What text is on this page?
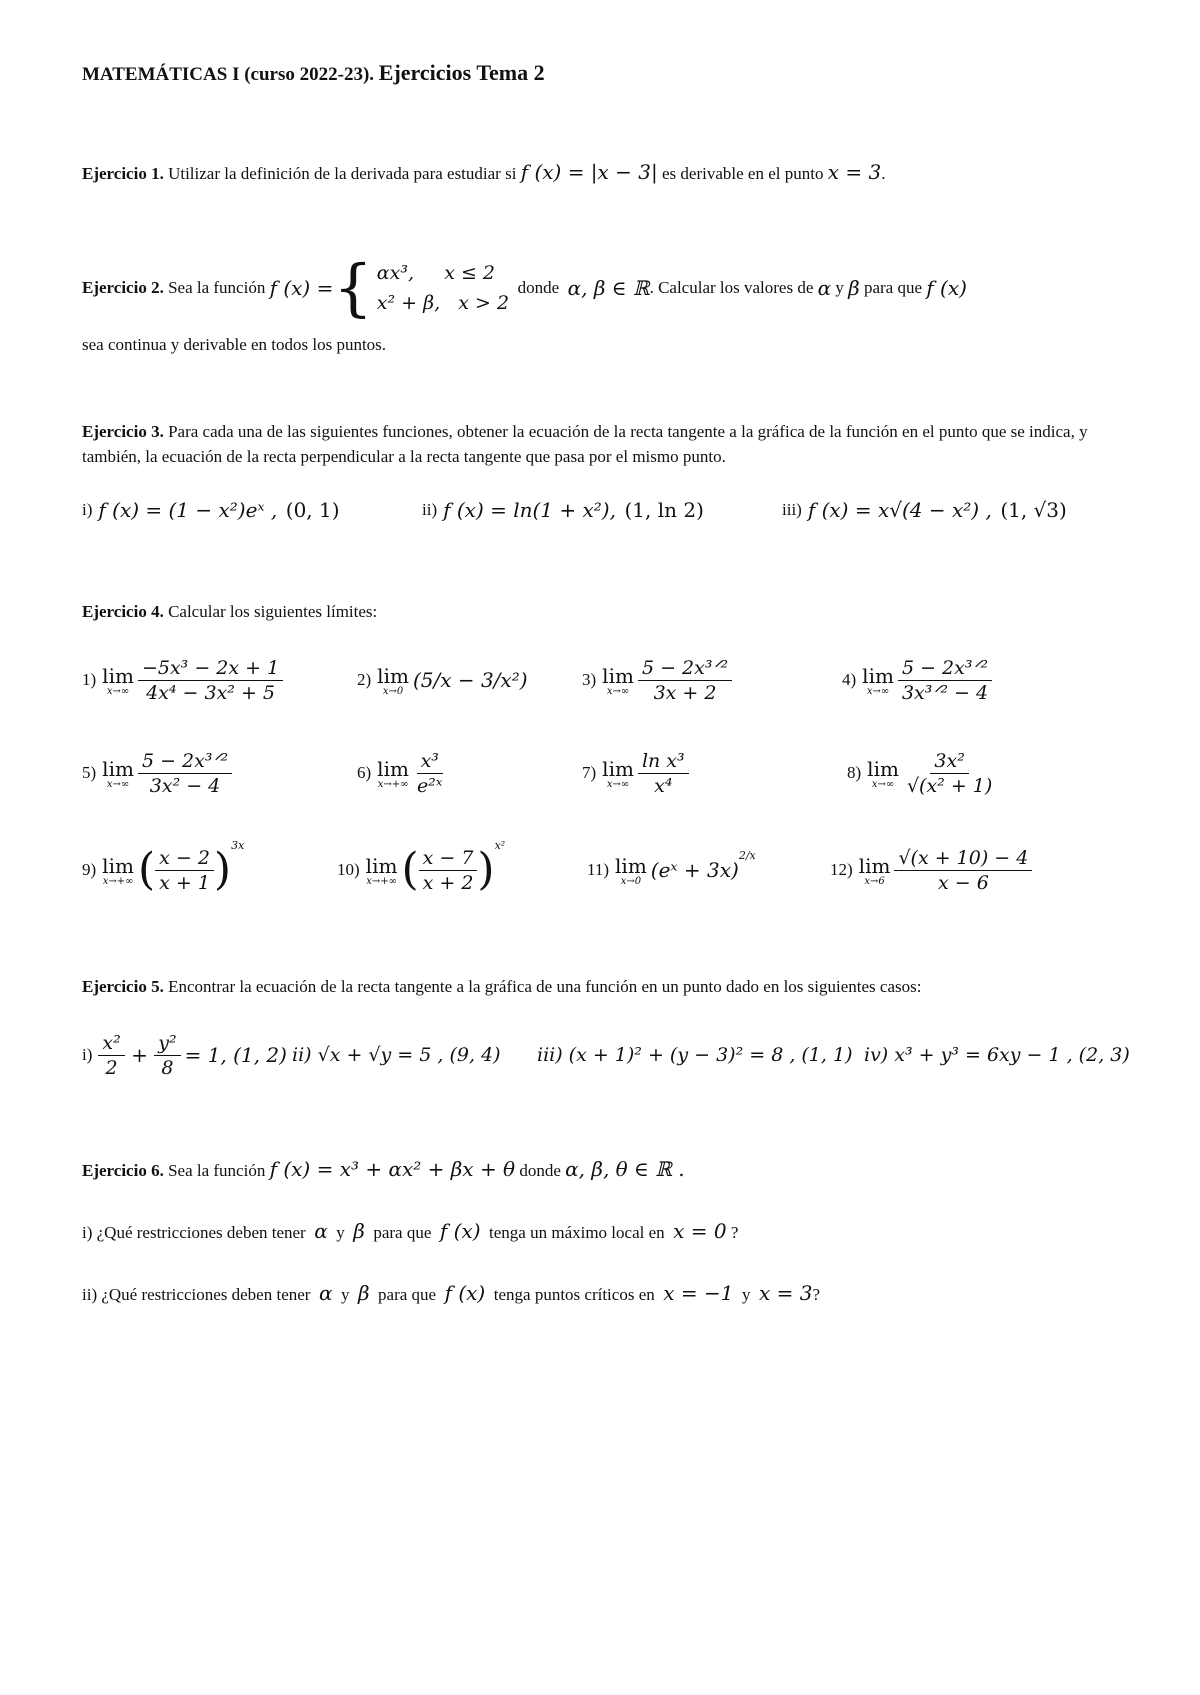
MATEMÁTICAS I (curso 2022-23). Ejercicios Tema 2
Ejercicio 1. Utilizar la definición de la derivada para estudiar si f (x) = |x − 3| es derivable en el punto x = 3.
Ejercicio 2.
Sea la función
f (x) = { αx³,     x ≤ 2
x² + β,   x > 2

donde
α, β ∈ ℝ . Calcular los valores de
α
y
β
para que
f (x)
sea continua y derivable en todos los puntos.
Ejercicio 3. Para cada una de las siguientes funciones, obtener la ecuación de la recta tangente a la gráfica de la función en el punto que se indica, y también, la ecuación de la recta perpendicular a la recta tangente que pasa por el mismo punto.
i) f (x) = (1 − x²)eˣ ,
(0, 1)	ii) f (x) = ln(1 + x²),
(1, ln 2)	iii) f (x) = x√(4 − x²) ,
(1, √3)
Ejercicio 4. Calcular los siguientes límites:
1) lim
$x\to\infty \frac{\text{−5x³ − 2x + 1}}{\text{4x⁴ − 3x² + 5}}$	2) lim
x→0 (5/x − 3/x²)	3) lim
$x\to\infty \frac{\text{5 − 2x³ᐟ²}}{3x + 2}$	4) lim
$x\to\infty \frac{\text{5 − 2x³ᐟ²}}{\text{3x³ᐟ² − 4}}$
5) lim
$x\to\infty \frac{\text{5 − 2x³ᐟ²}}{\text{3x² − 4}}$	6) lim
$x\to+\infty \frac{\text{x³}}{\text{e²ˣ}}$	7) lim
$x\to\infty \frac{\text{ln x³}}{\text{x⁴}}$	8) lim
$x\to\infty \frac{\text{3x²}}{\text{√(x² + 1)}}$
9) lim
x→+∞ ( $\frac{x - 2}{x + 1}$ ) 3x
10) lim
x→+∞ ( $\frac{x - 7}{x + 2}$ ) x²
11) lim
x→0 (eˣ + 3x)
2/x
12) lim
$x\to 6 \frac{√(x + 10) - 4}{x - 6}$
Ejercicio 5. Encontrar la ecuación de la recta tangente a la gráfica de una función en un punto dado en los siguientes casos:
$i) \frac{\text{x²}}{2} + \frac{\text{y²}}{8} = 1$, (1, 2) ii) √x + √y = 5 , (9, 4) iii) (x + 1)² + (y − 3)² = 8 , (1, 1) iv) x³ + y³ = 6xy − 1 , (2, 3)
Ejercicio 6. Sea la función f (x) = x³ + αx² + βx + θ donde α, β, θ ∈ ℝ .
i) ¿Qué restricciones deben tener α y β para que f (x) tenga un máximo local en x = 0 ?
ii) ¿Qué restricciones deben tener α y β para que f (x) tenga puntos críticos en x = −1 y x = 3?
